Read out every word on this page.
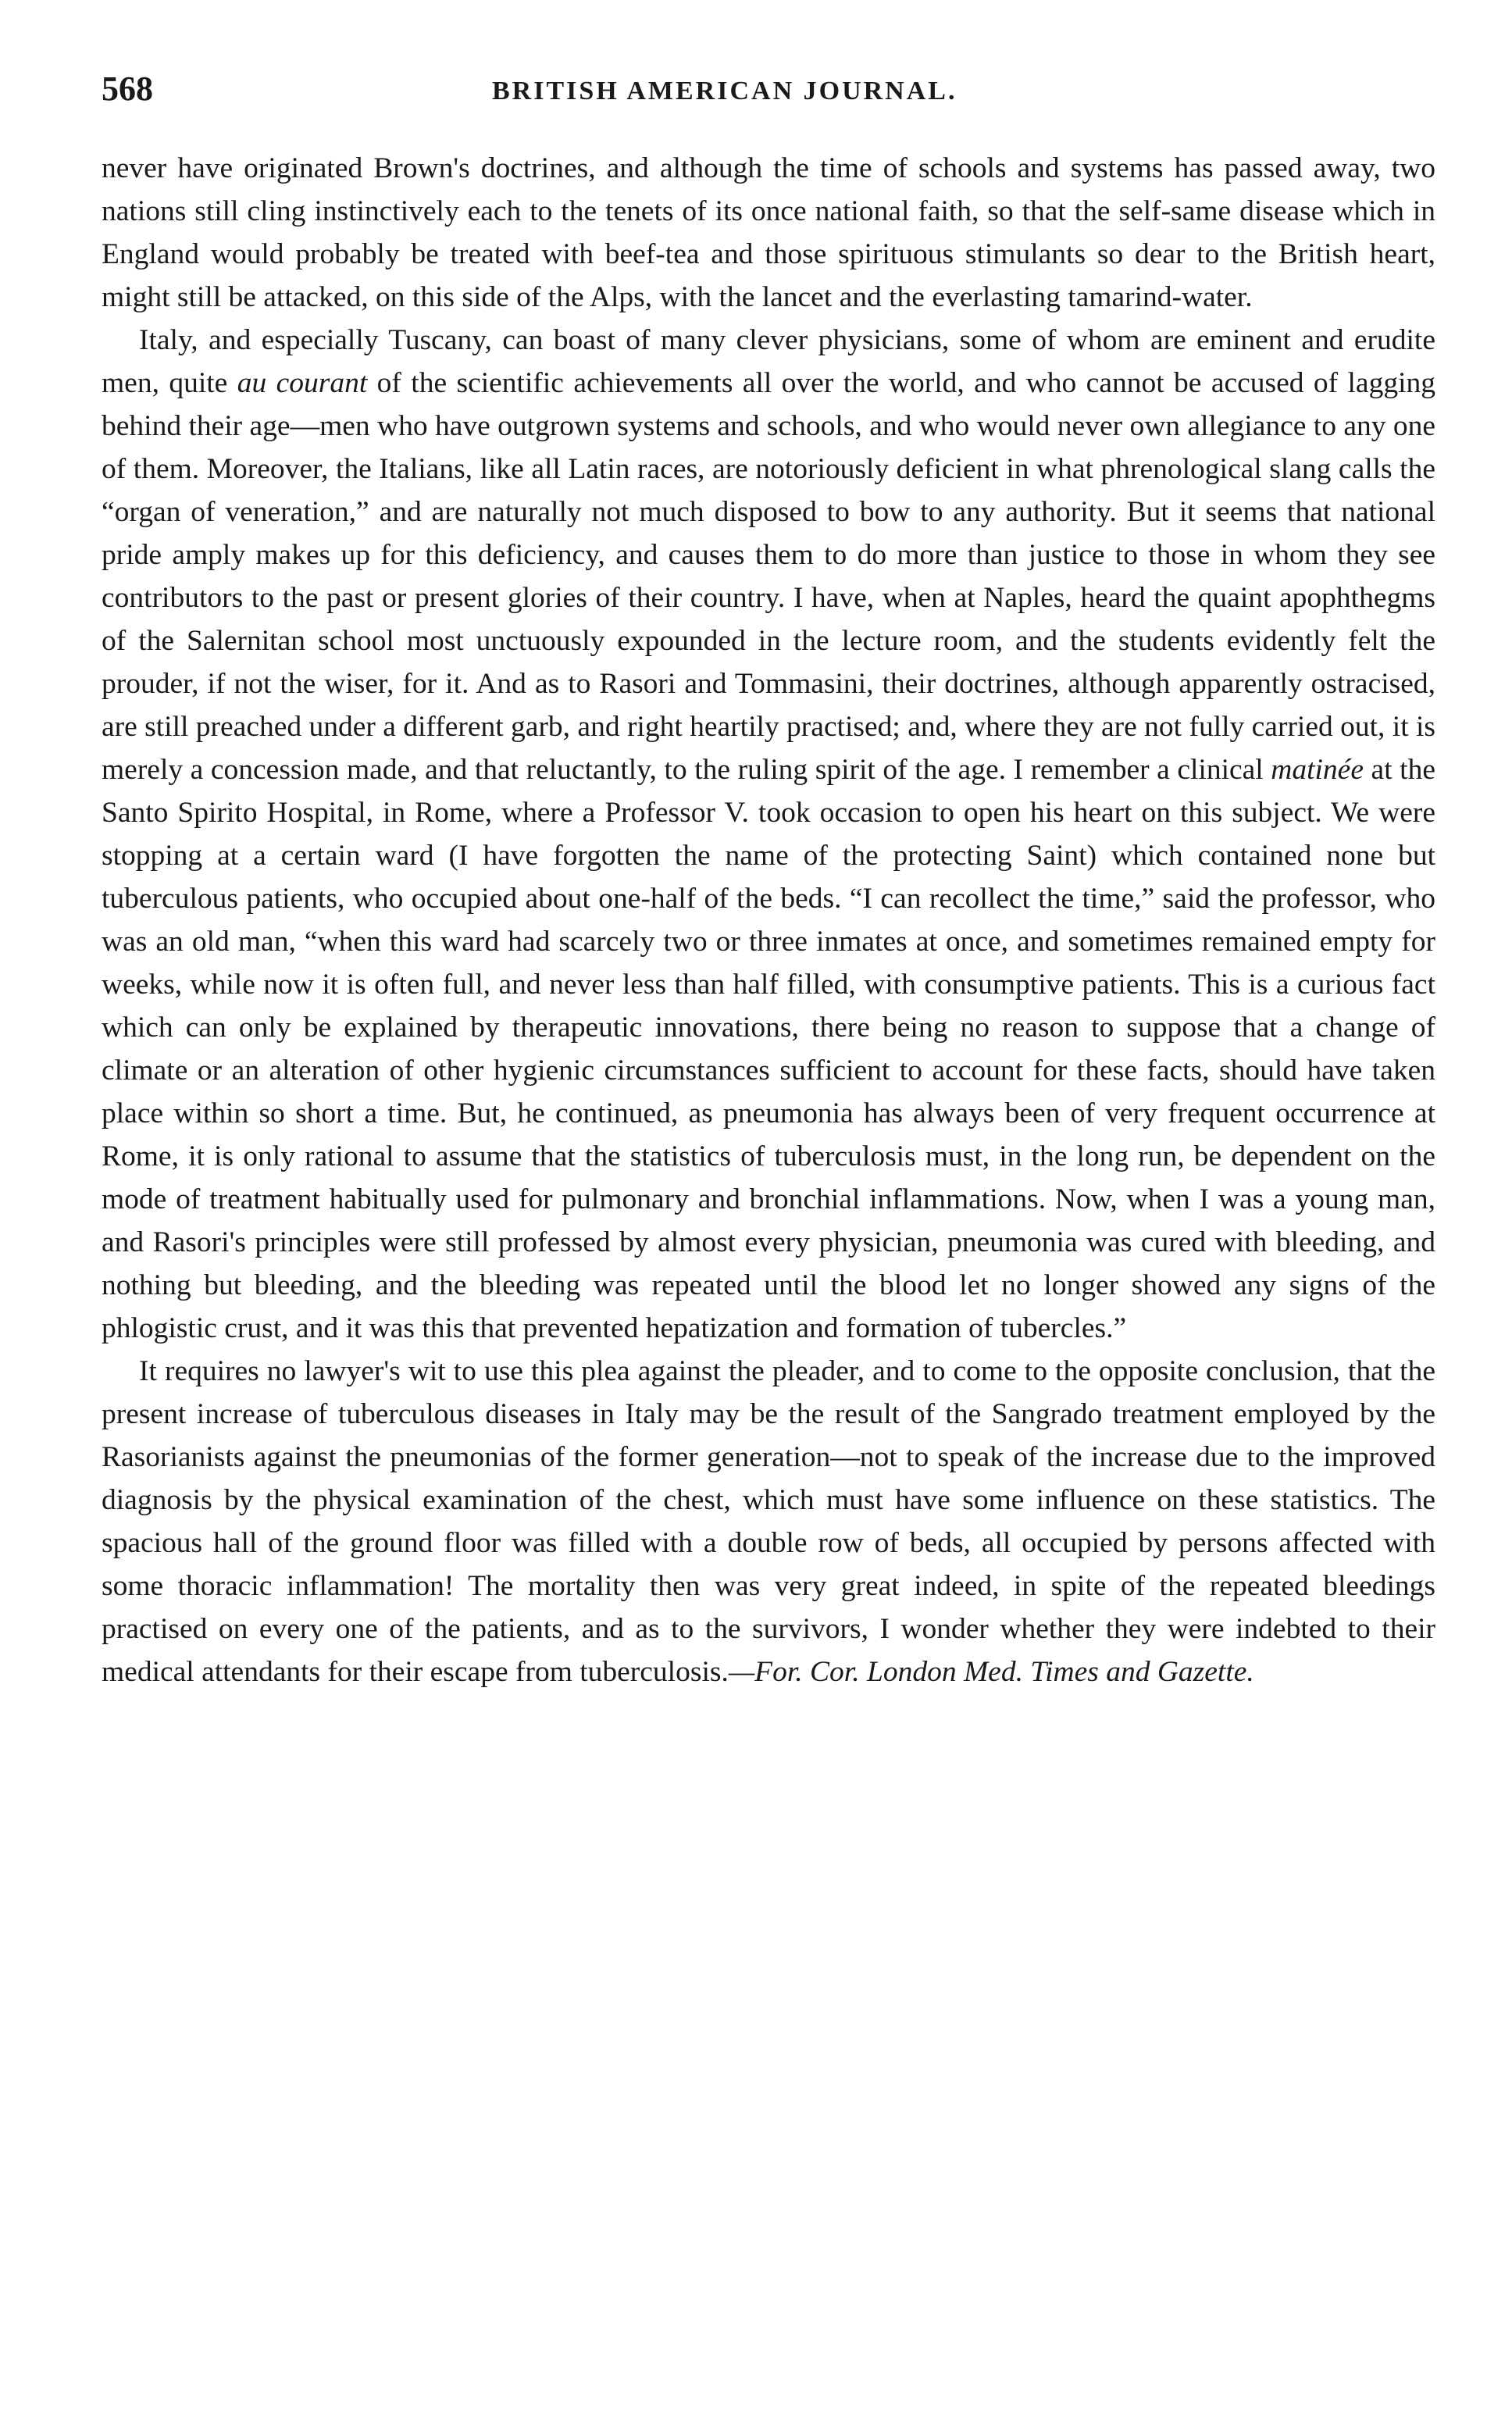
568	BRITISH AMERICAN JOURNAL.

never have originated Brown's doctrines, and although the time of schools and systems has passed away, two nations still cling instinctively each to the tenets of its once national faith, so that the self-same disease which in England would probably be treated with beef-tea and those spirituous stimulants so dear to the British heart, might still be attacked, on this side of the Alps, with the lancet and the everlasting tamarind-water.

Italy, and especially Tuscany, can boast of many clever physicians, some of whom are eminent and erudite men, quite au courant of the scientific achievements all over the world, and who cannot be accused of lagging behind their age—men who have outgrown systems and schools, and who would never own allegiance to any one of them. Moreover, the Italians, like all Latin races, are notoriously deficient in what phrenological slang calls the “organ of veneration,” and are naturally not much disposed to bow to any authority. But it seems that national pride amply makes up for this deficiency, and causes them to do more than justice to those in whom they see contributors to the past or present glories of their country. I have, when at Naples, heard the quaint apophthegms of the Salernitan school most unctuously expounded in the lecture room, and the students evidently felt the prouder, if not the wiser, for it. And as to Rasori and Tommasini, their doctrines, although apparently ostracised, are still preached under a different garb, and right heartily practised; and, where they are not fully carried out, it is merely a concession made, and that reluctantly, to the ruling spirit of the age. I remember a clinical matinée at the Santo Spirito Hospital, in Rome, where a Professor V. took occasion to open his heart on this subject. We were stopping at a certain ward (I have forgotten the name of the protecting Saint) which contained none but tuberculous patients, who occupied about one-half of the beds. “I can recollect the time,” said the professor, who was an old man, “when this ward had scarcely two or three inmates at once, and sometimes remained empty for weeks, while now it is often full, and never less than half filled, with consumptive patients. This is a curious fact which can only be explained by therapeutic innovations, there being no reason to suppose that a change of climate or an alteration of other hygienic circumstances sufficient to account for these facts, should have taken place within so short a time. But, he continued, as pneumonia has always been of very frequent occurrence at Rome, it is only rational to assume that the statistics of tuberculosis must, in the long run, be dependent on the mode of treatment habitually used for pulmonary and bronchial inflammations. Now, when I was a young man, and Rasori's principles were still professed by almost every physician, pneumonia was cured with bleeding, and nothing but bleeding, and the bleeding was repeated until the blood let no longer showed any signs of the phlogistic crust, and it was this that prevented hepatization and formation of tubercles.”

It requires no lawyer's wit to use this plea against the pleader, and to come to the opposite conclusion, that the present increase of tuberculous diseases in Italy may be the result of the Sangrado treatment employed by the Rasorianists against the pneumonias of the former generation—not to speak of the increase due to the improved diagnosis by the physical examination of the chest, which must have some influence on these statistics. The spacious hall of the ground floor was filled with a double row of beds, all occupied by persons affected with some thoracic inflammation! The mortality then was very great indeed, in spite of the repeated bleedings practised on every one of the patients, and as to the survivors, I wonder whether they were indebted to their medical attendants for their escape from tuberculosis.—For. Cor. London Med. Times and Gazette.
